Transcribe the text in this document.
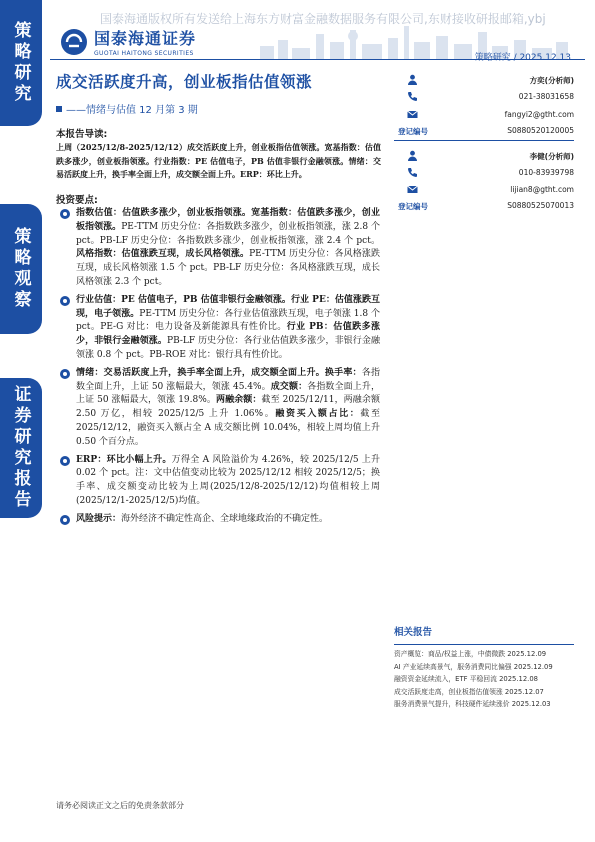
策略研究
策略观察
证券研究报告
国泰海通版权所有发送给上海东方财富金融数据服务有限公司,东财接收研报邮箱,ybj
国泰海通证券
GUOTAI HAITONG SECURITIES	策略研究 / 2025.12.13
成交活跃度升高，创业板指估值领涨
——情绪与估值 12 月第 3 期
方奕(分析师)
021-38031658
fangyi2@gtht.com
登记编号	S0880520120005
李健(分析师)
010-83939798
lijian8@gtht.com
登记编号	S0880525070013
本报告导读:
上周（2025/12/8-2025/12/12）成交活跃度上升，创业板指估值领涨。宽基指数：估值跌多涨少，创业板指领涨。行业指数：PE 估值电子，PB 估值非银行金融领涨。情绪：交易活跃度上升，换手率全面上升，成交额全面上升。ERP：环比上升。
投资要点:
指数估值：估值跌多涨少，创业板指领涨。宽基指数：估值跌多涨少，创业板指领涨。PE-TTM 历史分位：各指数跌多涨少，创业板指领涨，涨 2.8 个 pct。PB-LF 历史分位：各指数跌多涨少，创业板指领涨，涨 2.4 个 pct。风格指数：估值涨跌互现，成长风格领涨。PE-TTM 历史分位：各风格涨跌互现，成长风格领涨 1.5 个 pct。PB-LF 历史分位：各风格涨跌互现，成长风格领涨 2.3 个 pct。
行业估值：PE 估值电子，PB 估值非银行金融领涨。行业 PE：估值涨跌互现，电子领涨。PE-TTM 历史分位：各行业估值涨跌互现，电子领涨 1.8 个 pct。PE-G 对比：电力设备及新能源具有性价比。行业 PB：估值跌多涨少，非银行金融领涨。PB-LF 历史分位：各行业估值跌多涨少，非银行金融领涨 0.8 个 pct。PB-ROE 对比：银行具有性价比。
情绪：交易活跃度上升，换手率全面上升，成交额全面上升。换手率：各指数全面上升，上证 50 涨幅最大，领涨 45.4%。成交额：各指数全面上升，上证 50 涨幅最大，领涨 19.8%。两融余额：截至 2025/12/11，两融余额 2.50 万亿，相较 2025/12/5 上升 1.06%。融资买入额占比：截至 2025/12/12，融资买入额占全 A 成交额比例 10.04%，相较上周均值上升 0.50 个百分点。
ERP：环比小幅上升。万得全 A 风险溢价为 4.26%，较 2025/12/5 上升 0.02 个 pct。注：文中估值变动比较为 2025/12/12 相较 2025/12/5；换手率、成交额变动比较为上周(2025/12/8-2025/12/12)均值相较上周(2025/12/1-2025/12/5)均值。
风险提示：海外经济不确定性高企、全球地缘政治的不确定性。
相关报告
资产概览：商品/权益上涨，中债微跌 2025.12.09
AI 产业延续高景气，服务消费同比偏强 2025.12.09
融资资金延续流入，ETF 平稳回流 2025.12.08
成交活跃度走高，创业板指估值领涨 2025.12.07
服务消费景气提升，科技硬件延续涨价 2025.12.03
请务必阅读正文之后的免责条款部分
